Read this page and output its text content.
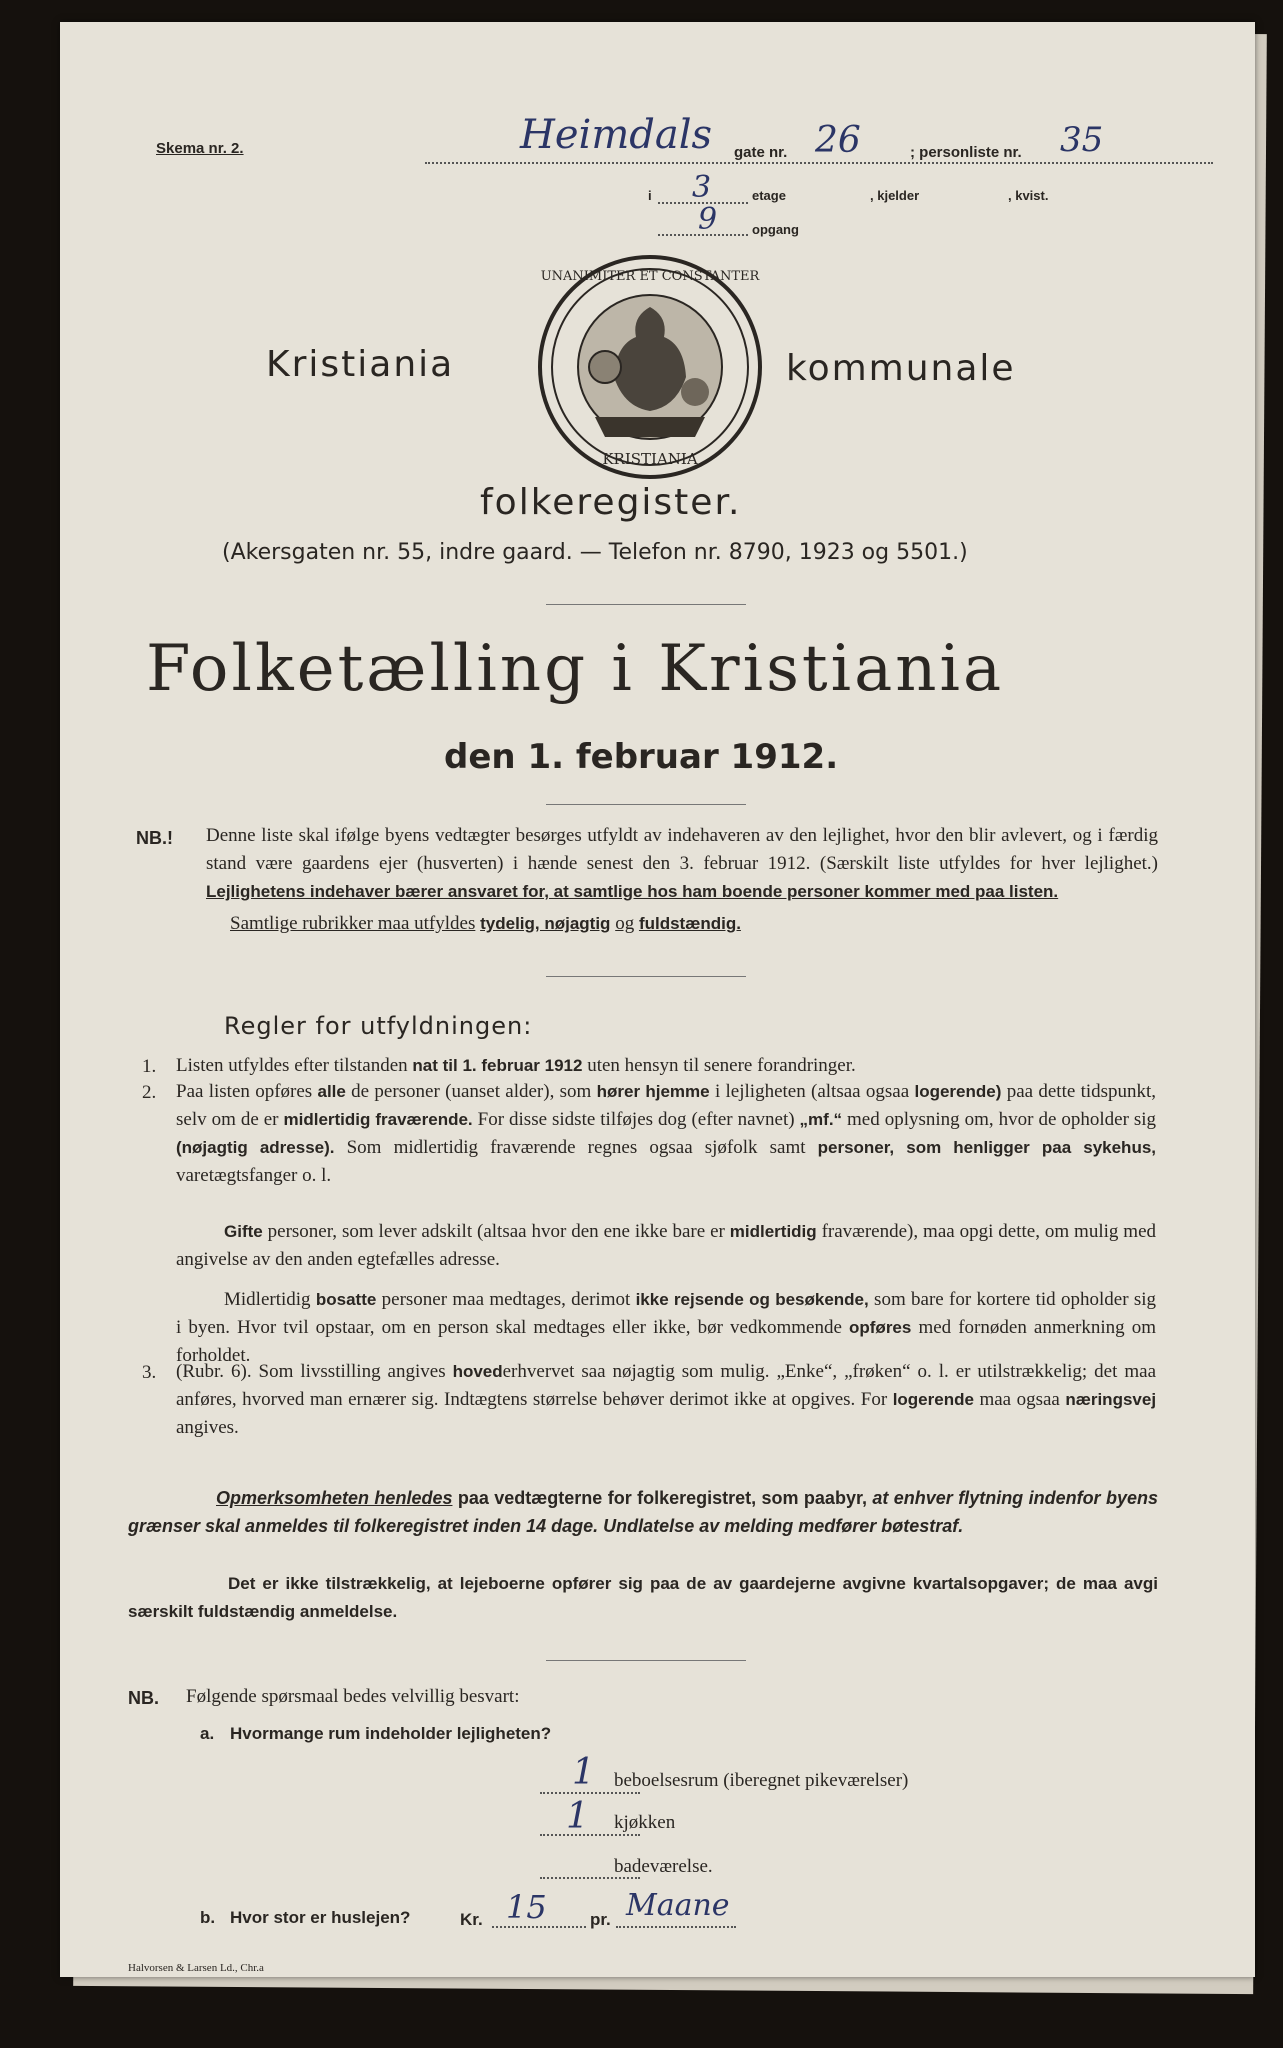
Skema nr. 2.	Heimdals gate nr. 26	; personliste nr. 35
i 3	etage	, kjelder	, kvist.
9	opgang
Kristiania
UNANIMITER ET CONSTANTER
KRISTIANIA
kommunale
folkeregister.
(Akersgaten nr. 55, indre gaard. — Telefon nr. 8790, 1923 og 5501.)
Folketælling i Kristiania
den 1. februar 1912.
NB.! Denne liste skal ifølge byens vedtægter besørges utfyldt av indehaveren av den lejlighet, hvor den blir avlevert, og i færdig stand være gaardens ejer (husverten) i hænde senest den 3. februar 1912. (Særskilt liste utfyldes for hver lejlighet.) Lejlighetens indehaver bærer ansvaret for, at samtlige hos ham boende personer kommer med paa listen.
Samtlige rubrikker maa utfyldes tydelig, nøjagtig og fuldstændig.
Regler for utfyldningen:
1. Listen utfyldes efter tilstanden nat til 1. februar 1912 uten hensyn til senere forandringer.
2. Paa listen opføres alle de personer (uanset alder), som hører hjemme i lejligheten (altsaa ogsaa logerende) paa dette tidspunkt, selv om de er midlertidig fraværende. For disse sidste tilføjes dog (efter navnet) „mf.“ med oplysning om, hvor de opholder sig (nøjagtig adresse). Som midlertidig fraværende regnes ogsaa sjøfolk samt personer, som henligger paa sykehus, varetægtsfanger o. l.
Gifte personer, som lever adskilt (altsaa hvor den ene ikke bare er midlertidig fraværende), maa opgi dette, om mulig med angivelse av den anden egtefælles adresse.
Midlertidig bosatte personer maa medtages, derimot ikke rejsende og besøkende, som bare for kortere tid opholder sig i byen. Hvor tvil opstaar, om en person skal medtages eller ikke, bør vedkommende opføres med fornøden anmerkning om forholdet.
3. (Rubr. 6). Som livsstilling angives hovederhvervet saa nøjagtig som mulig. „Enke“, „frøken“ o. l. er utilstrækkelig; det maa anføres, hvorved man ernærer sig. Indtægtens størrelse behøver derimot ikke at opgives. For logerende maa ogsaa næringsvej angives.
Opmerksomheten henledes paa vedtægterne for folkeregistret, som paabyr, at enhver flytning indenfor byens grænser skal anmeldes til folkeregistret inden 14 dage. Undlatelse av melding medfører bøtestraf.
Det er ikke tilstrækkelig, at lejeboerne opfører sig paa de av gaardejerne avgivne kvartalsopgaver; de maa avgi særskilt fuldstændig anmeldelse.
NB. Følgende spørsmaal bedes velvillig besvart:
a. Hvormange rum indeholder lejligheten?
1 beboelsesrum (iberegnet pikeværelser)
1 kjøkken
badeværelse.
b. Hvor stor er huslejen?	Kr. 15	pr. Maane
Halvorsen & Larsen Ld., Chr.a
